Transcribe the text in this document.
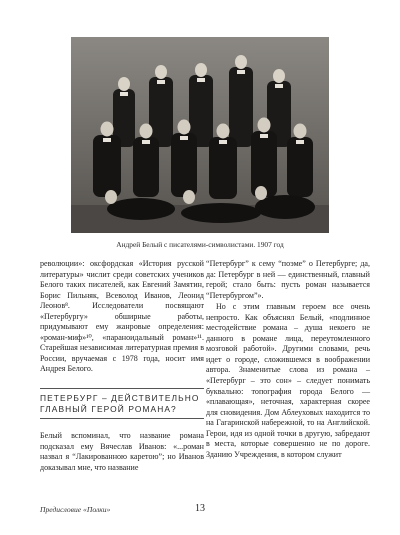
Андрей Белый с писателями-символистами. 1907 год

революции»: оксфордская «История русской литературы» числит среди советских учеников Белого таких писателей, как Евгений Замятин, Борис Пильняк, Всеволод Иванов, Леонид Леонов⁸. Исследователи посвящают «Петербургу» обширные работы, придумывают ему жанровые определения: «роман-миф»¹⁰, «параноидальный роман»¹¹. Старейшая независимая литературная премия в России, вручаемая с 1978 года, носит имя Андрея Белого.

ПЕТЕРБУРГ – ДЕЙСТВИТЕЛЬНО ГЛАВНЫЙ ГЕРОЙ РОМАНА?

Белый вспоминал, что название романа подсказал ему Вячеслав Иванов: «...роман назвал я “Лакированною каретою”; но Иванов доказывал мне, что название

“Петербург” к сему “поэме” о Петербурге; да, да: Петербург в ней — единственный, главный герой; стало быть: пусть роман называется “Петербургом”».

Но с этим главным героем все очень непросто. Как объяснял Белый, «подлинное местодействие романа – душа некоего не данного в романе лица, переутомленного мозговой работой». Другими словами, речь идет о городе, сложившемся в воображении автора. Знаменитые слова из романа – «Петербург – это сон» – следует понимать буквально: топография города Белого — «плавающая», неточная, характерная скорее для сновидения. Дом Аблеуховых находится то на Гагаринской набережной, то на Английской. Герои, идя из одной точки в другую, забредают в места, которые совершенно не по дороге. Зданию Учреждения, в котором служит

Предисловие «Полки»	13
